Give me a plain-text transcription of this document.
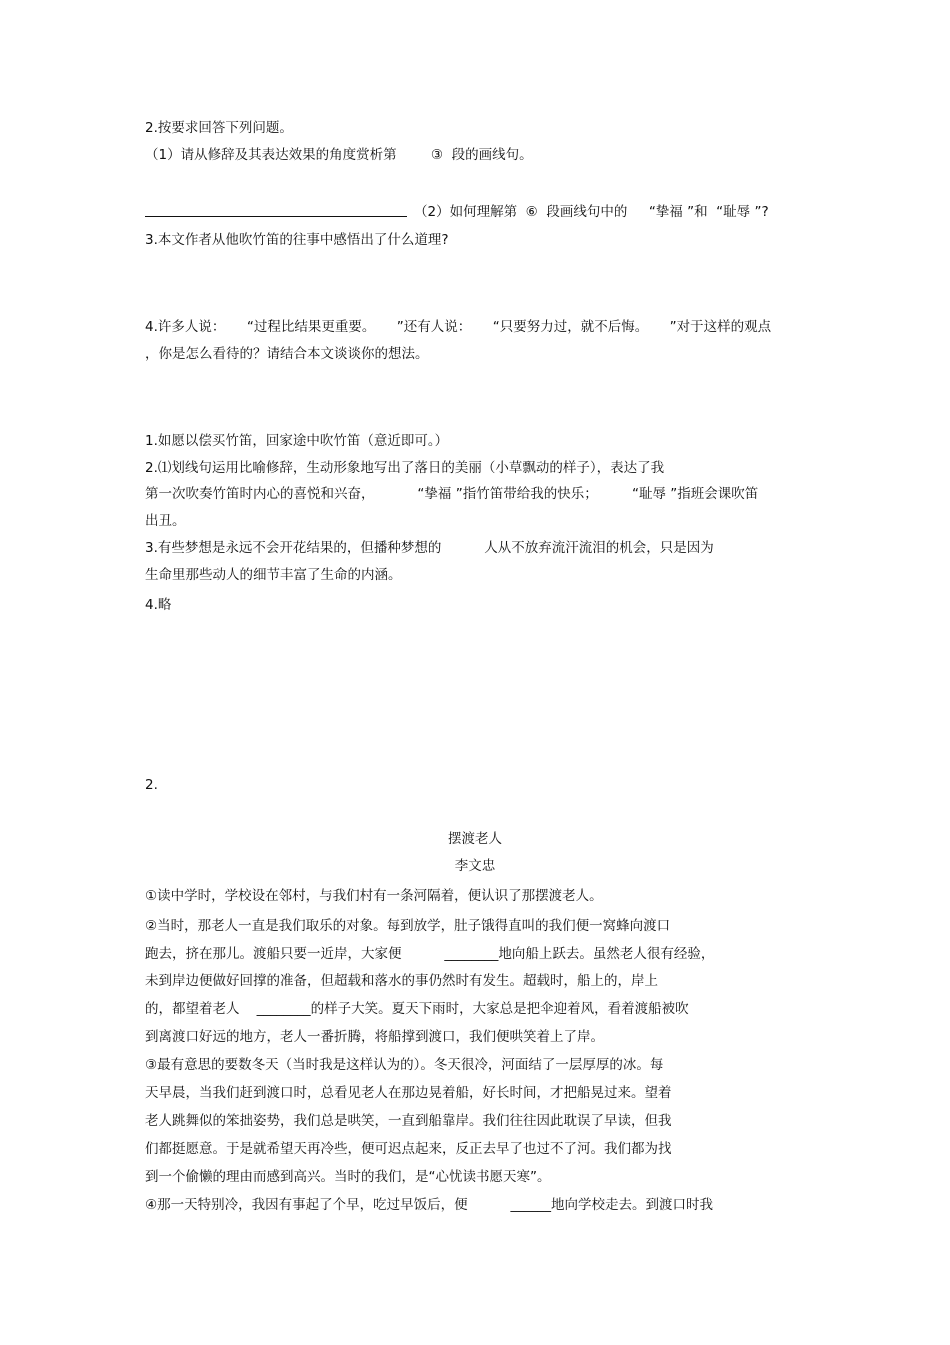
2.按要求回答下列问题。
（1）请从修辞及其表达效果的角度赏析第        ③  段的画线句。
（2）如何理解第  ⑥  段画线句中的     “挚福 ”和  “耻辱 ”?
3.本文作者从他吹竹笛的往事中感悟出了什么道理?
4.许多人说：     “过程比结果更重要。     ”还有人说：     “只要努力过，就不后悔。     ”对于这样的观点
，你是怎么看待的？请结合本文谈谈你的想法。
1.如愿以偿买竹笛，回家途中吹竹笛（意近即可。）
2.⑴划线句运用比喻修辞，生动形象地写出了落日的美丽（小草飘动的样子），表达了我
第一次吹奏竹笛时内心的喜悦和兴奋，          “挚福 ”指竹笛带给我的快乐；        “耻辱 ”指班会课吹笛
出丑。
3.有些梦想是永远不会开花结果的，但播种梦想的          人从不放弃流汗流泪的机会，只是因为
生命里那些动人的细节丰富了生命的内涵。
4.略
2.
摆渡老人
李文忠
①读中学时，学校设在邻村，与我们村有一条河隔着，便认识了那摆渡老人。
②当时，那老人一直是我们取乐的对象。每到放学，肚子饿得直叫的我们便一窝蜂向渡口
跑去，挤在那儿。渡船只要一近岸，大家便          ________地向船上跃去。虽然老人很有经验，
未到岸边便做好回撑的准备，但超载和落水的事仍然时有发生。超载时，船上的，岸上
的，都望着老人    ________的样子大笑。夏天下雨时，大家总是把伞迎着风，看着渡船被吹
到离渡口好远的地方，老人一番折腾，将船撑到渡口，我们便哄笑着上了岸。
③最有意思的要数冬天（当时我是这样认为的）。冬天很冷，河面结了一层厚厚的冰。每
天早晨，当我们赶到渡口时，总看见老人在那边晃着船，好长时间，才把船晃过来。望着
老人跳舞似的笨拙姿势，我们总是哄笑，一直到船靠岸。我们往往因此耽误了早读，但我
们都挺愿意。于是就希望天再冷些，便可迟点起来，反正去早了也过不了河。我们都为找
到一个偷懒的理由而感到高兴。当时的我们，是“心忧读书愿天寒”。
④那一天特别冷，我因有事起了个早，吃过早饭后，便          ______地向学校走去。到渡口时我
